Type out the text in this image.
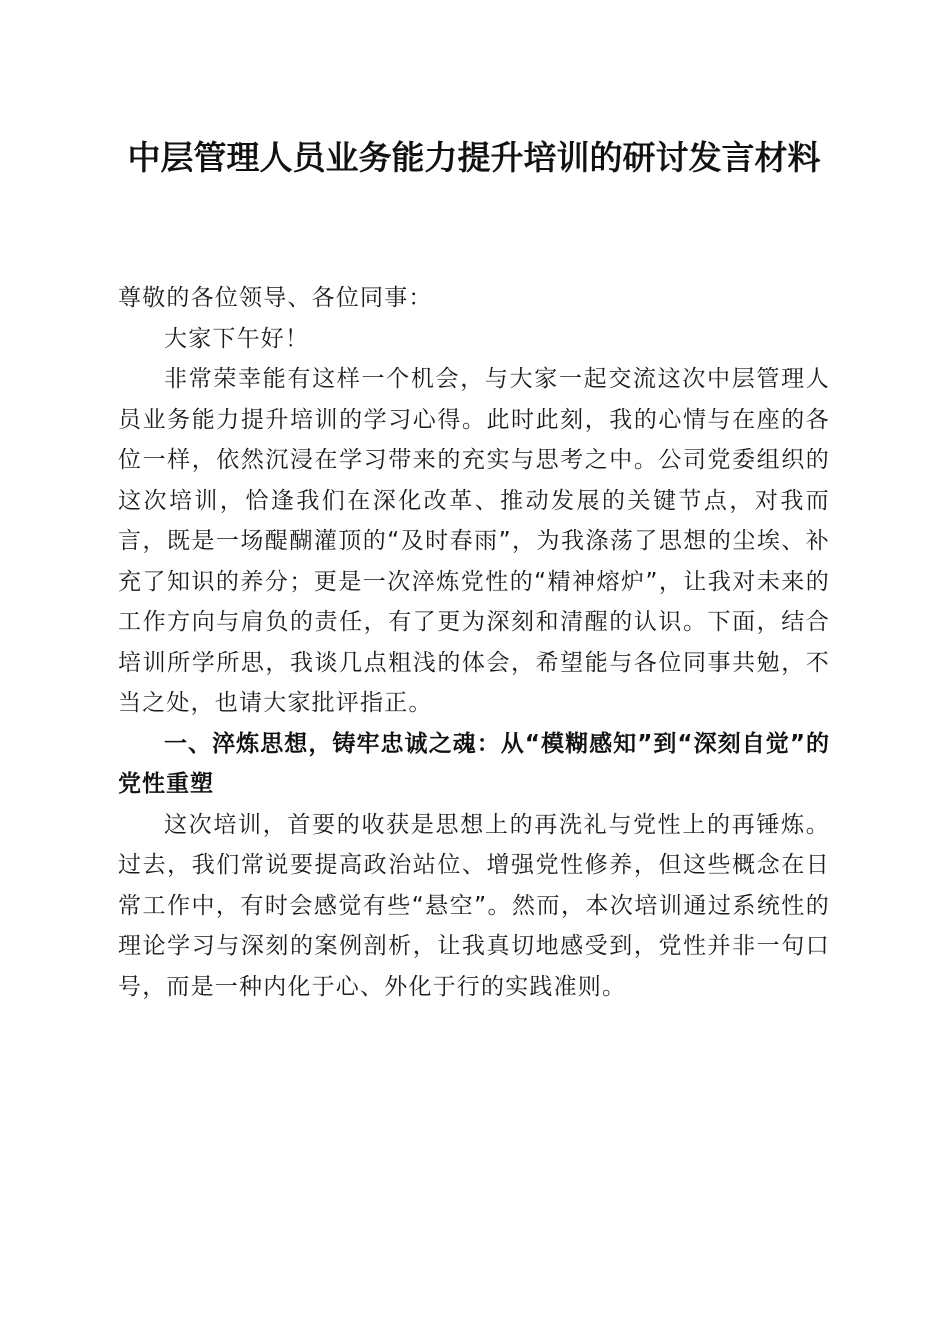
中层管理人员业务能力提升培训的研讨发言材料

尊敬的各位领导、各位同事：

大家下午好！

非常荣幸能有这样一个机会，与大家一起交流这次中层管理人员业务能力提升培训的学习心得。此时此刻，我的心情与在座的各位一样，依然沉浸在学习带来的充实与思考之中。公司党委组织的这次培训，恰逢我们在深化改革、推动发展的关键节点，对我而言，既是一场醍醐灌顶的“及时春雨”，为我涤荡了思想的尘埃、补充了知识的养分；更是一次淬炼党性的“精神熔炉”，让我对未来的工作方向与肩负的责任，有了更为深刻和清醒的认识。下面，结合培训所学所思，我谈几点粗浅的体会，希望能与各位同事共勉，不当之处，也请大家批评指正。

一、淬炼思想，铸牢忠诚之魂：从“模糊感知”到“深刻自觉”的党性重塑

这次培训，首要的收获是思想上的再洗礼与党性上的再锤炼。过去，我们常说要提高政治站位、增强党性修养，但这些概念在日常工作中，有时会感觉有些“悬空”。然而，本次培训通过系统性的理论学习与深刻的案例剖析，让我真切地感受到，党性并非一句口号，而是一种内化于心、外化于行的实践准则。
